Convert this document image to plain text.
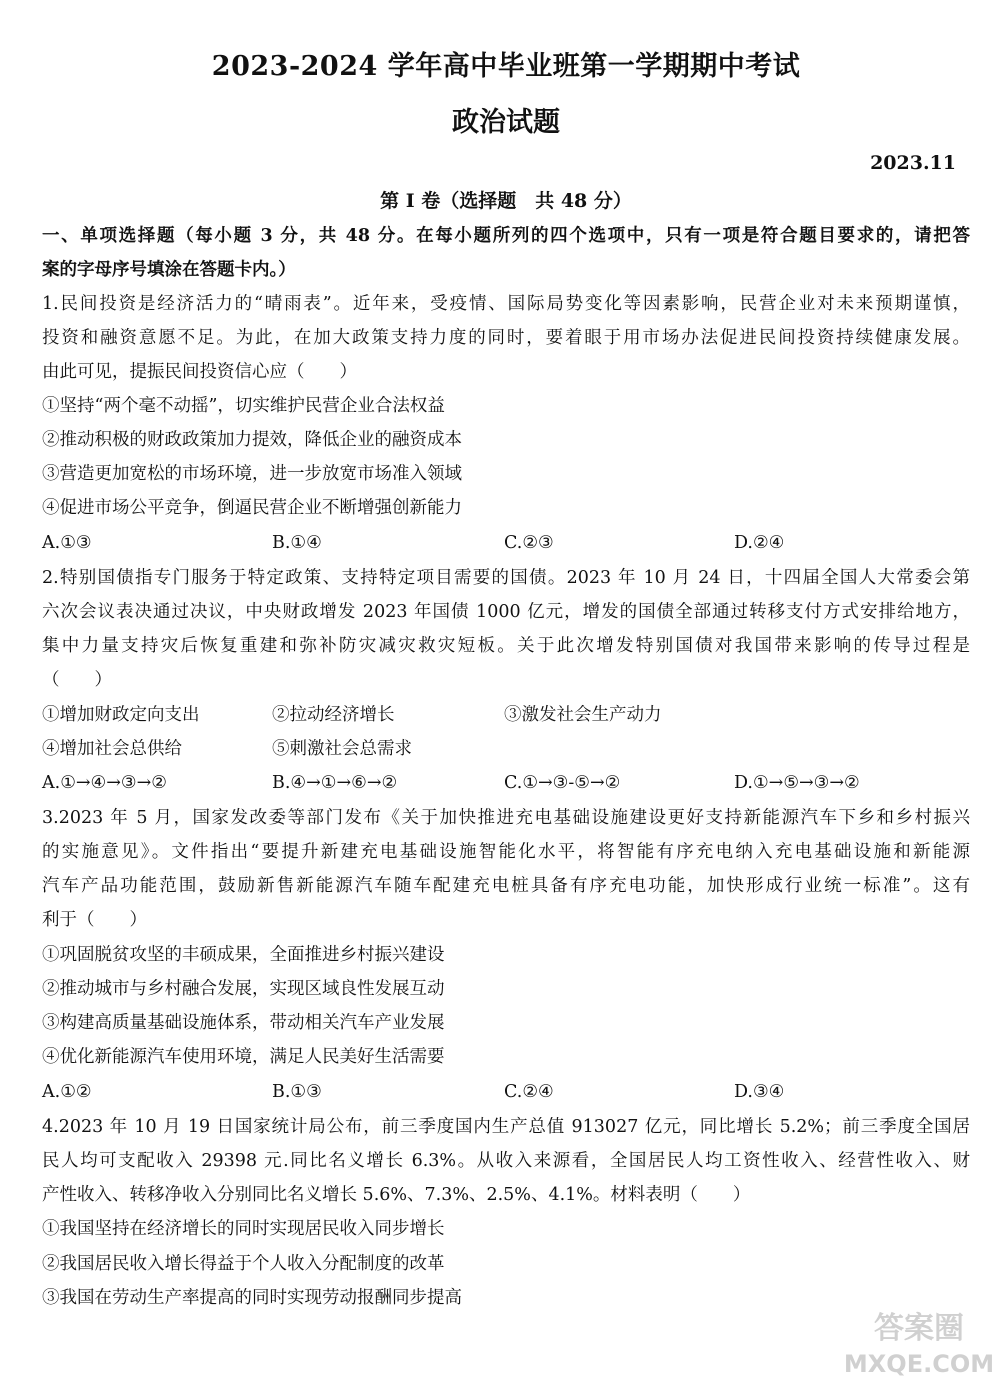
2023-2024 学年高中毕业班第一学期期中考试
政治试题
2023.11
第 I 卷（选择题　共 48 分）
一、单项选择题（每小题 3 分，共 48 分。在每小题所列的四个选项中，只有一项是符合题目要求的，请把答
案的字母序号填涂在答题卡内。）
1.民间投资是经济活力的“晴雨表”。近年来，受疫情、国际局势变化等因素影响，民营企业对未来预期谨慎，
投资和融资意愿不足。为此，在加大政策支持力度的同时，要着眼于用市场办法促进民间投资持续健康发展。
由此可见，提振民间投资信心应（　　）
①坚持“两个毫不动摇”，切实维护民营企业合法权益
②推动积极的财政政策加力提效，降低企业的融资成本
③营造更加宽松的市场环境，进一步放宽市场准入领域
④促进市场公平竞争，倒逼民营企业不断增强创新能力
A.①③	B.①④	C.②③	D.②④
2.特别国债指专门服务于特定政策、支持特定项目需要的国债。2023 年 10 月 24 日，十四届全国人大常委会第
六次会议表决通过决议，中央财政增发 2023 年国债 1000 亿元，增发的国债全部通过转移支付方式安排给地方，
集中力量支持灾后恢复重建和弥补防灾减灾救灾短板。关于此次增发特别国债对我国带来影响的传导过程是
（　　）
①增加财政定向支出	②拉动经济增长	③激发社会生产动力
④增加社会总供给	⑤刺激社会总需求
A.①→④→③→②	B.④→①→⑥→②	C.①→③-⑤→②	D.①→⑤→③→②
3.2023 年 5 月，国家发改委等部门发布《关于加快推进充电基础设施建设更好支持新能源汽车下乡和乡村振兴
的实施意见》。文件指出“要提升新建充电基础设施智能化水平，将智能有序充电纳入充电基础设施和新能源
汽车产品功能范围，鼓励新售新能源汽车随车配建充电桩具备有序充电功能，加快形成行业统一标准”。这有
利于（　　）
①巩固脱贫攻坚的丰硕成果，全面推进乡村振兴建设
②推动城市与乡村融合发展，实现区域良性发展互动
③构建高质量基础设施体系，带动相关汽车产业发展
④优化新能源汽车使用环境，满足人民美好生活需要
A.①②	B.①③	C.②④	D.③④
4.2023 年 10 月 19 日国家统计局公布，前三季度国内生产总值 913027 亿元，同比增长 5.2%；前三季度全国居
民人均可支配收入 29398 元.同比名义增长 6.3%。从收入来源看，全国居民人均工资性收入、经营性收入、财
产性收入、转移净收入分别同比名义增长 5.6%、7.3%、2.5%、4.1%。材料表明（　　）
①我国坚持在经济增长的同时实现居民收入同步增长
②我国居民收入增长得益于个人收入分配制度的改革
③我国在劳动生产率提高的同时实现劳动报酬同步提高
答案圈
MXQE.COM
